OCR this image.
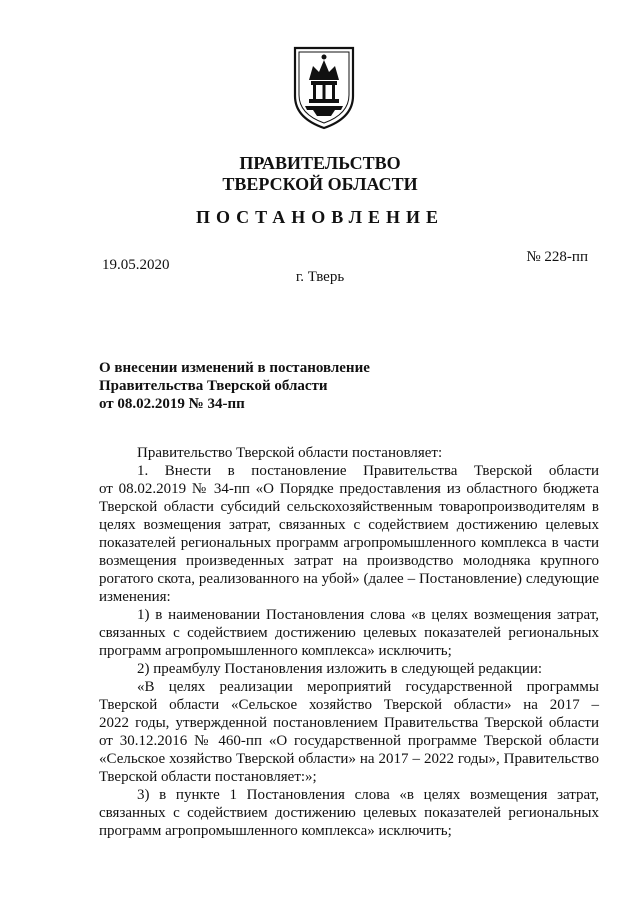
ПРАВИТЕЛЬСТВО
ТВЕРСКОЙ ОБЛАСТИ
ПОСТАНОВЛЕНИЕ
19.05.2020	№ 228-пп
г. Тверь
О внесении изменений в постановление
Правительства Тверской области
от 08.02.2019 № 34-пп
Правительство Тверской области постановляет:
1. Внести в постановление Правительства Тверской области
от 08.02.2019 № 34-пп «О Порядке предоставления из областного бюджета
Тверской области субсидий сельскохозяйственным товаропроизводителям в
целях возмещения затрат, связанных с содействием достижению целевых
показателей региональных программ агропромышленного комплекса в части
возмещения произведенных затрат на производство молодняка крупного
рогатого скота, реализованного на убой» (далее – Постановление) следующие
изменения:
1) в наименовании Постановления слова «в целях возмещения затрат,
связанных с содействием достижению целевых показателей региональных
программ агропромышленного комплекса» исключить;
2) преамбулу Постановления изложить в следующей редакции:
«В целях реализации мероприятий государственной программы
Тверской области «Сельское хозяйство Тверской области» на 2017 –
2022 годы, утвержденной постановлением Правительства Тверской области
от 30.12.2016 № 460-пп «О государственной программе Тверской области
«Сельское хозяйство Тверской области» на 2017 – 2022 годы», Правительство
Тверской области постановляет:»;
3) в пункте 1 Постановления слова «в целях возмещения затрат,
связанных с содействием достижению целевых показателей региональных
программ агропромышленного комплекса» исключить;
